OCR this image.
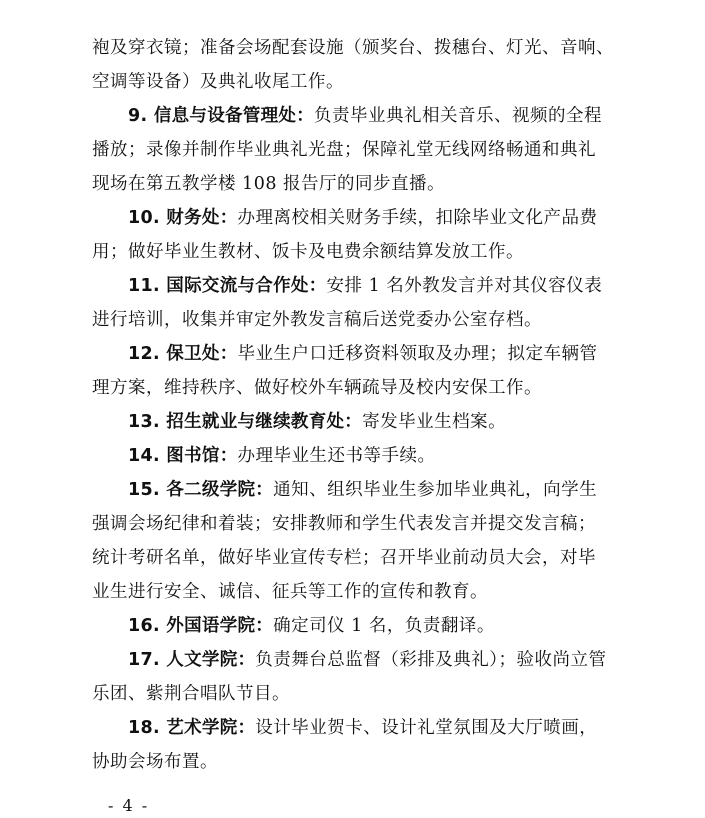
袍及穿衣镜；准备会场配套设施（颁奖台、拨穗台、灯光、音响、
空调等设备）及典礼收尾工作。
9. 信息与设备管理处：负责毕业典礼相关音乐、视频的全程
播放；录像并制作毕业典礼光盘；保障礼堂无线网络畅通和典礼
现场在第五教学楼 108 报告厅的同步直播。
10. 财务处：办理离校相关财务手续，扣除毕业文化产品费
用；做好毕业生教材、饭卡及电费余额结算发放工作。
11. 国际交流与合作处：安排 1 名外教发言并对其仪容仪表
进行培训，收集并审定外教发言稿后送党委办公室存档。
12. 保卫处：毕业生户口迁移资料领取及办理；拟定车辆管
理方案，维持秩序、做好校外车辆疏导及校内安保工作。
13. 招生就业与继续教育处：寄发毕业生档案。
14. 图书馆：办理毕业生还书等手续。
15. 各二级学院：通知、组织毕业生参加毕业典礼，向学生
强调会场纪律和着装；安排教师和学生代表发言并提交发言稿；
统计考研名单，做好毕业宣传专栏；召开毕业前动员大会，对毕
业生进行安全、诚信、征兵等工作的宣传和教育。
16. 外国语学院：确定司仪 1 名，负责翻译。
17. 人文学院：负责舞台总监督（彩排及典礼）；验收尚立管
乐团、紫荆合唱队节目。
18. 艺术学院：设计毕业贺卡、设计礼堂氛围及大厅喷画，
协助会场布置。
- 4 -
